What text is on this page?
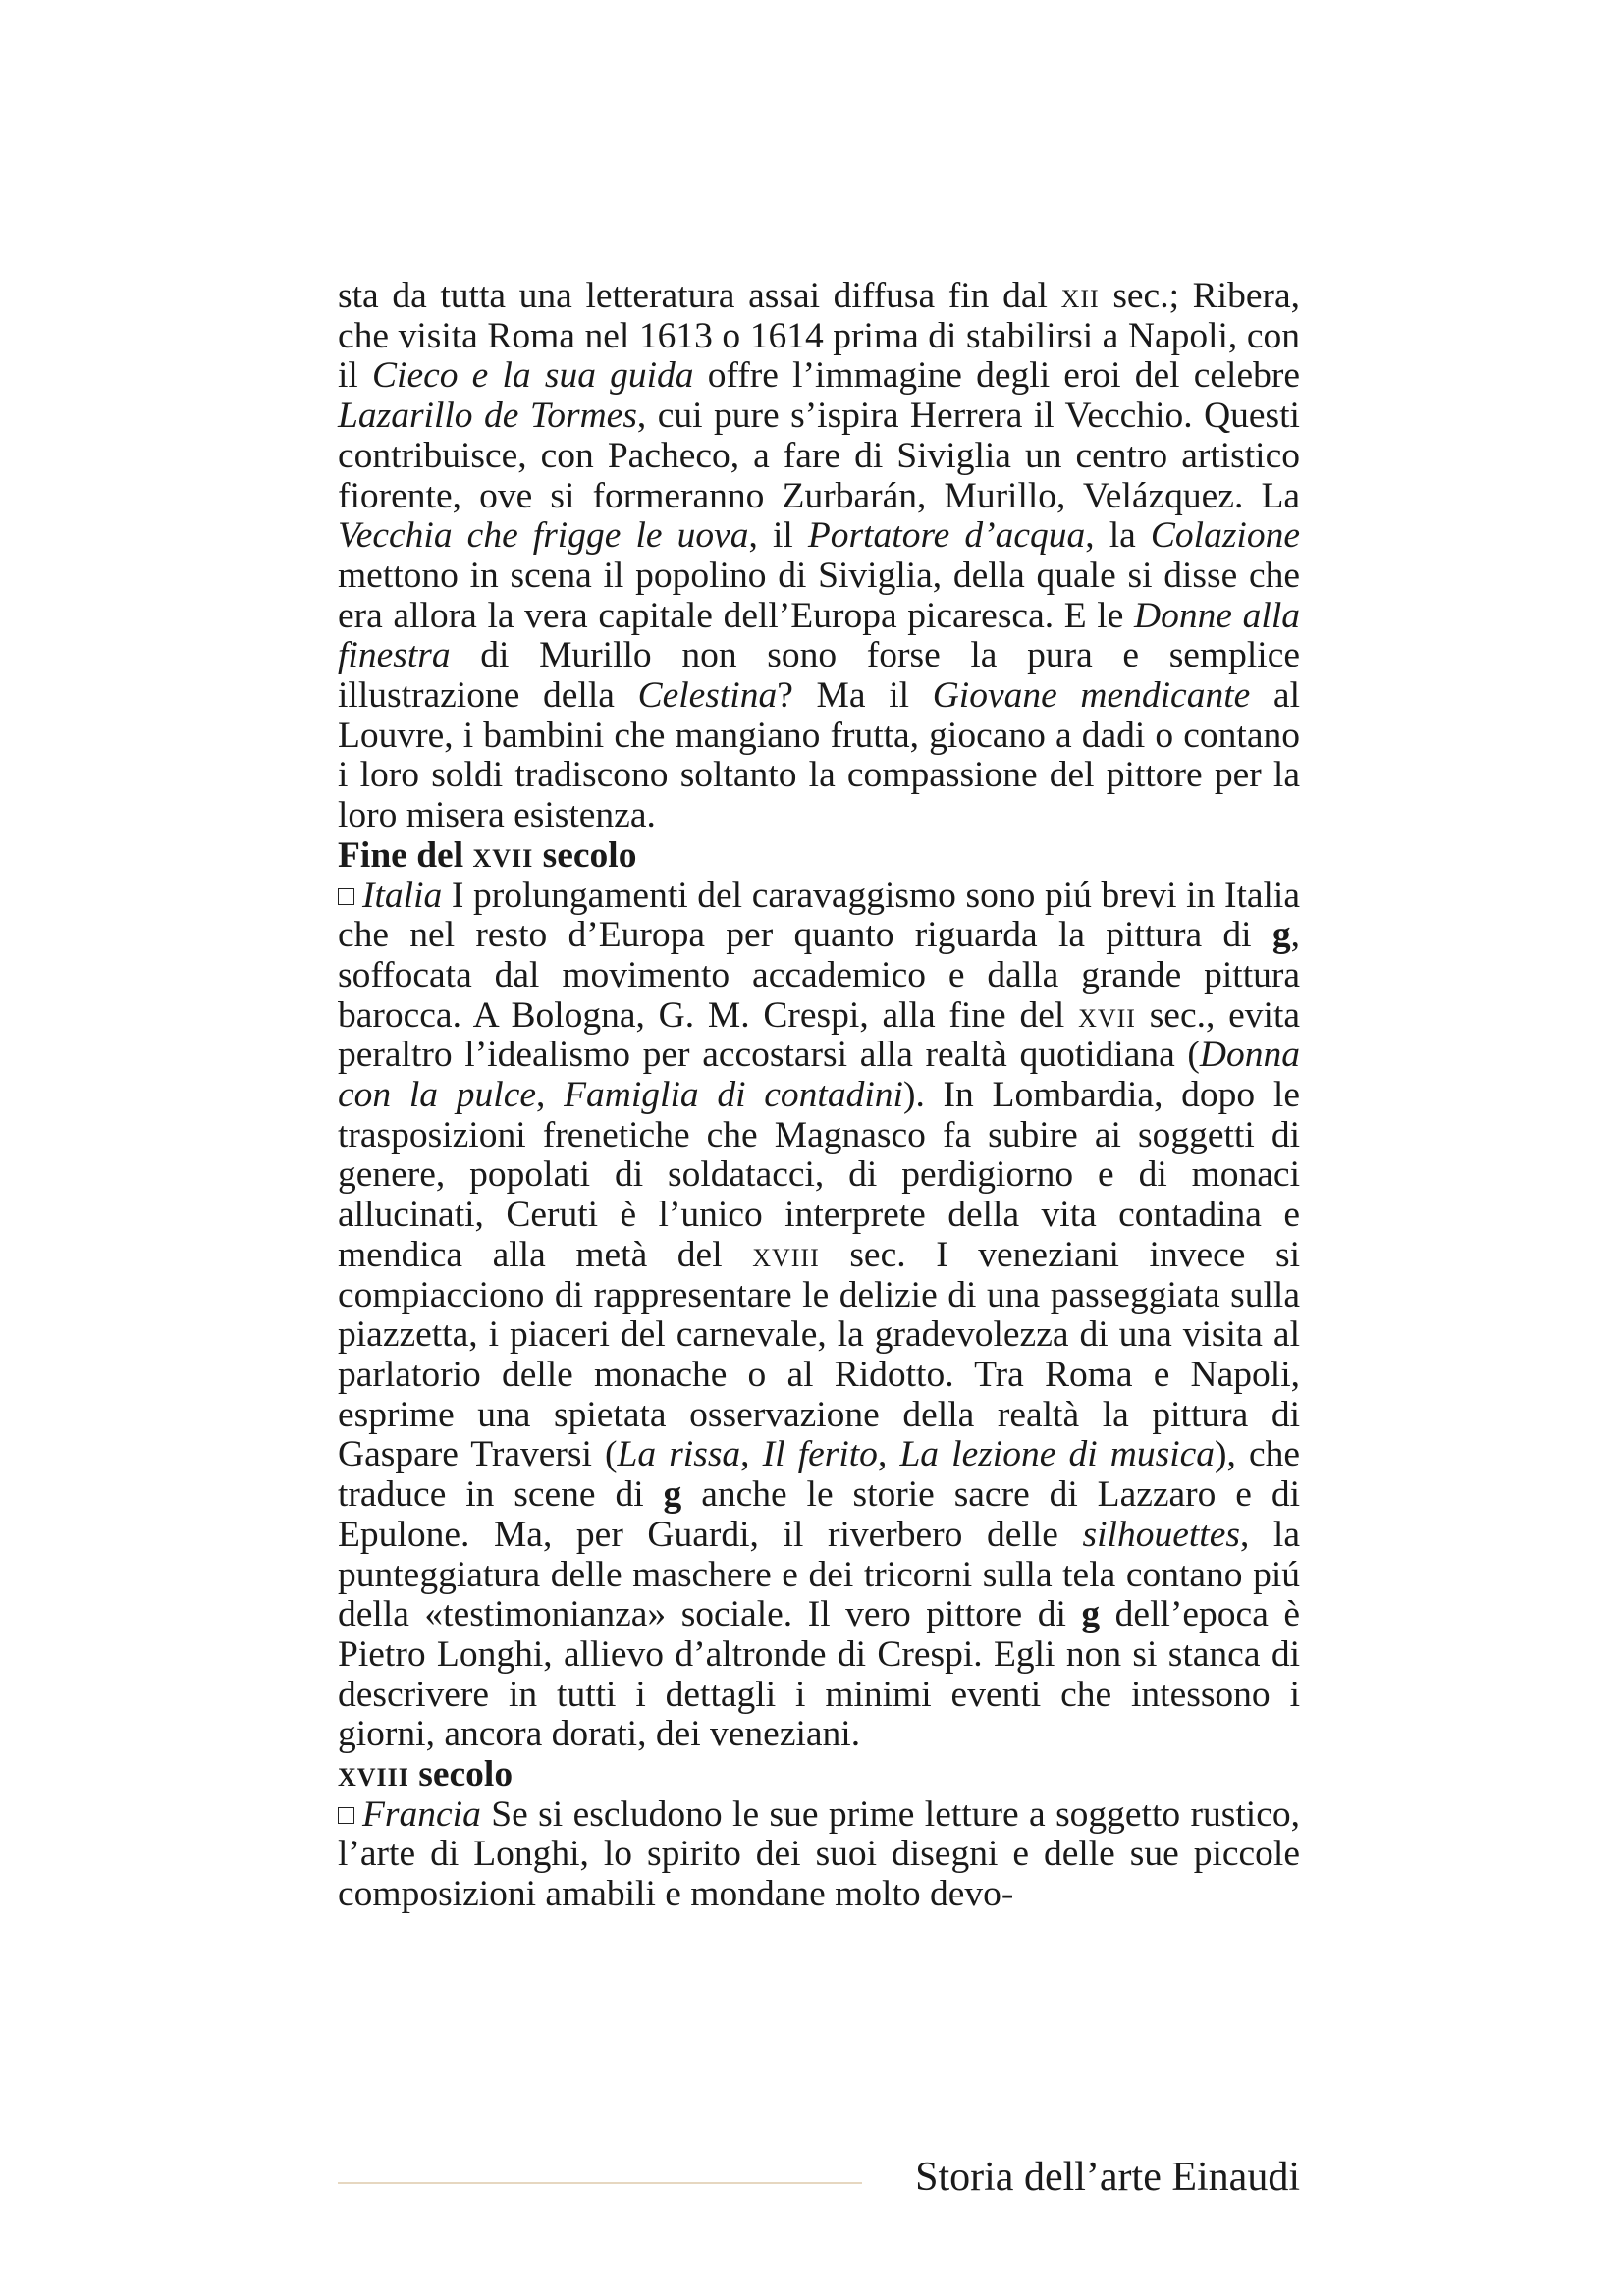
sta da tutta una letteratura assai diffusa fin dal xii sec.; Ribera, che visita Roma nel 1613 o 1614 prima di stabilirsi a Napoli, con il Cieco e la sua guida offre l’immagine degli eroi del celebre Lazarillo de Tormes, cui pure s’ispira Herrera il Vecchio. Questi contribuisce, con Pacheco, a fare di Siviglia un centro artistico fiorente, ove si formeranno Zurbarán, Murillo, Velázquez. La Vecchia che frigge le uova, il Portatore d’acqua, la Colazione mettono in scena il popolino di Siviglia, della quale si disse che era allora la vera capitale dell’Europa picaresca. E le Donne alla finestra di Murillo non sono forse la pura e semplice illustrazione della Celestina? Ma il Giovane mendicante al Louvre, i bambini che mangiano frutta, giocano a dadi o contano i loro soldi tradiscono soltanto la compassione del pittore per la loro misera esistenza.

Fine del xvii secolo

Italia I prolungamenti del caravaggismo sono piú brevi in Italia che nel resto d’Europa per quanto riguarda la pittura di g, soffocata dal movimento accademico e dalla grande pittura barocca. A Bologna, G. M. Crespi, alla fine del xvii sec., evita peraltro l’idealismo per accostarsi alla realtà quotidiana (Donna con la pulce, Famiglia di contadini). In Lombardia, dopo le trasposizioni frenetiche che Magnasco fa subire ai soggetti di genere, popolati di soldatacci, di perdigiorno e di monaci allucinati, Ceruti è l’unico interprete della vita contadina e mendica alla metà del xviii sec. I veneziani invece si compiacciono di rappresentare le delizie di una passeggiata sulla piazzetta, i piaceri del carnevale, la gradevolezza di una visita al parlatorio delle monache o al Ridotto. Tra Roma e Napoli, esprime una spietata osservazione della realtà la pittura di Gaspare Traversi (La rissa, Il ferito, La lezione di musica), che traduce in scene di g anche le storie sacre di Lazzaro e di Epulone. Ma, per Guardi, il riverbero delle silhouettes, la punteggiatura delle maschere e dei tricorni sulla tela contano piú della «testimonianza» sociale. Il vero pittore di g dell’epoca è Pietro Longhi, allievo d’altronde di Crespi. Egli non si stanca di descrivere in tutti i dettagli i minimi eventi che intessono i giorni, ancora dorati, dei veneziani.

xviii secolo

Francia Se si escludono le sue prime letture a soggetto rustico, l’arte di Longhi, lo spirito dei suoi disegni e delle sue piccole composizioni amabili e mondane molto devo-

Storia dell’arte Einaudi
